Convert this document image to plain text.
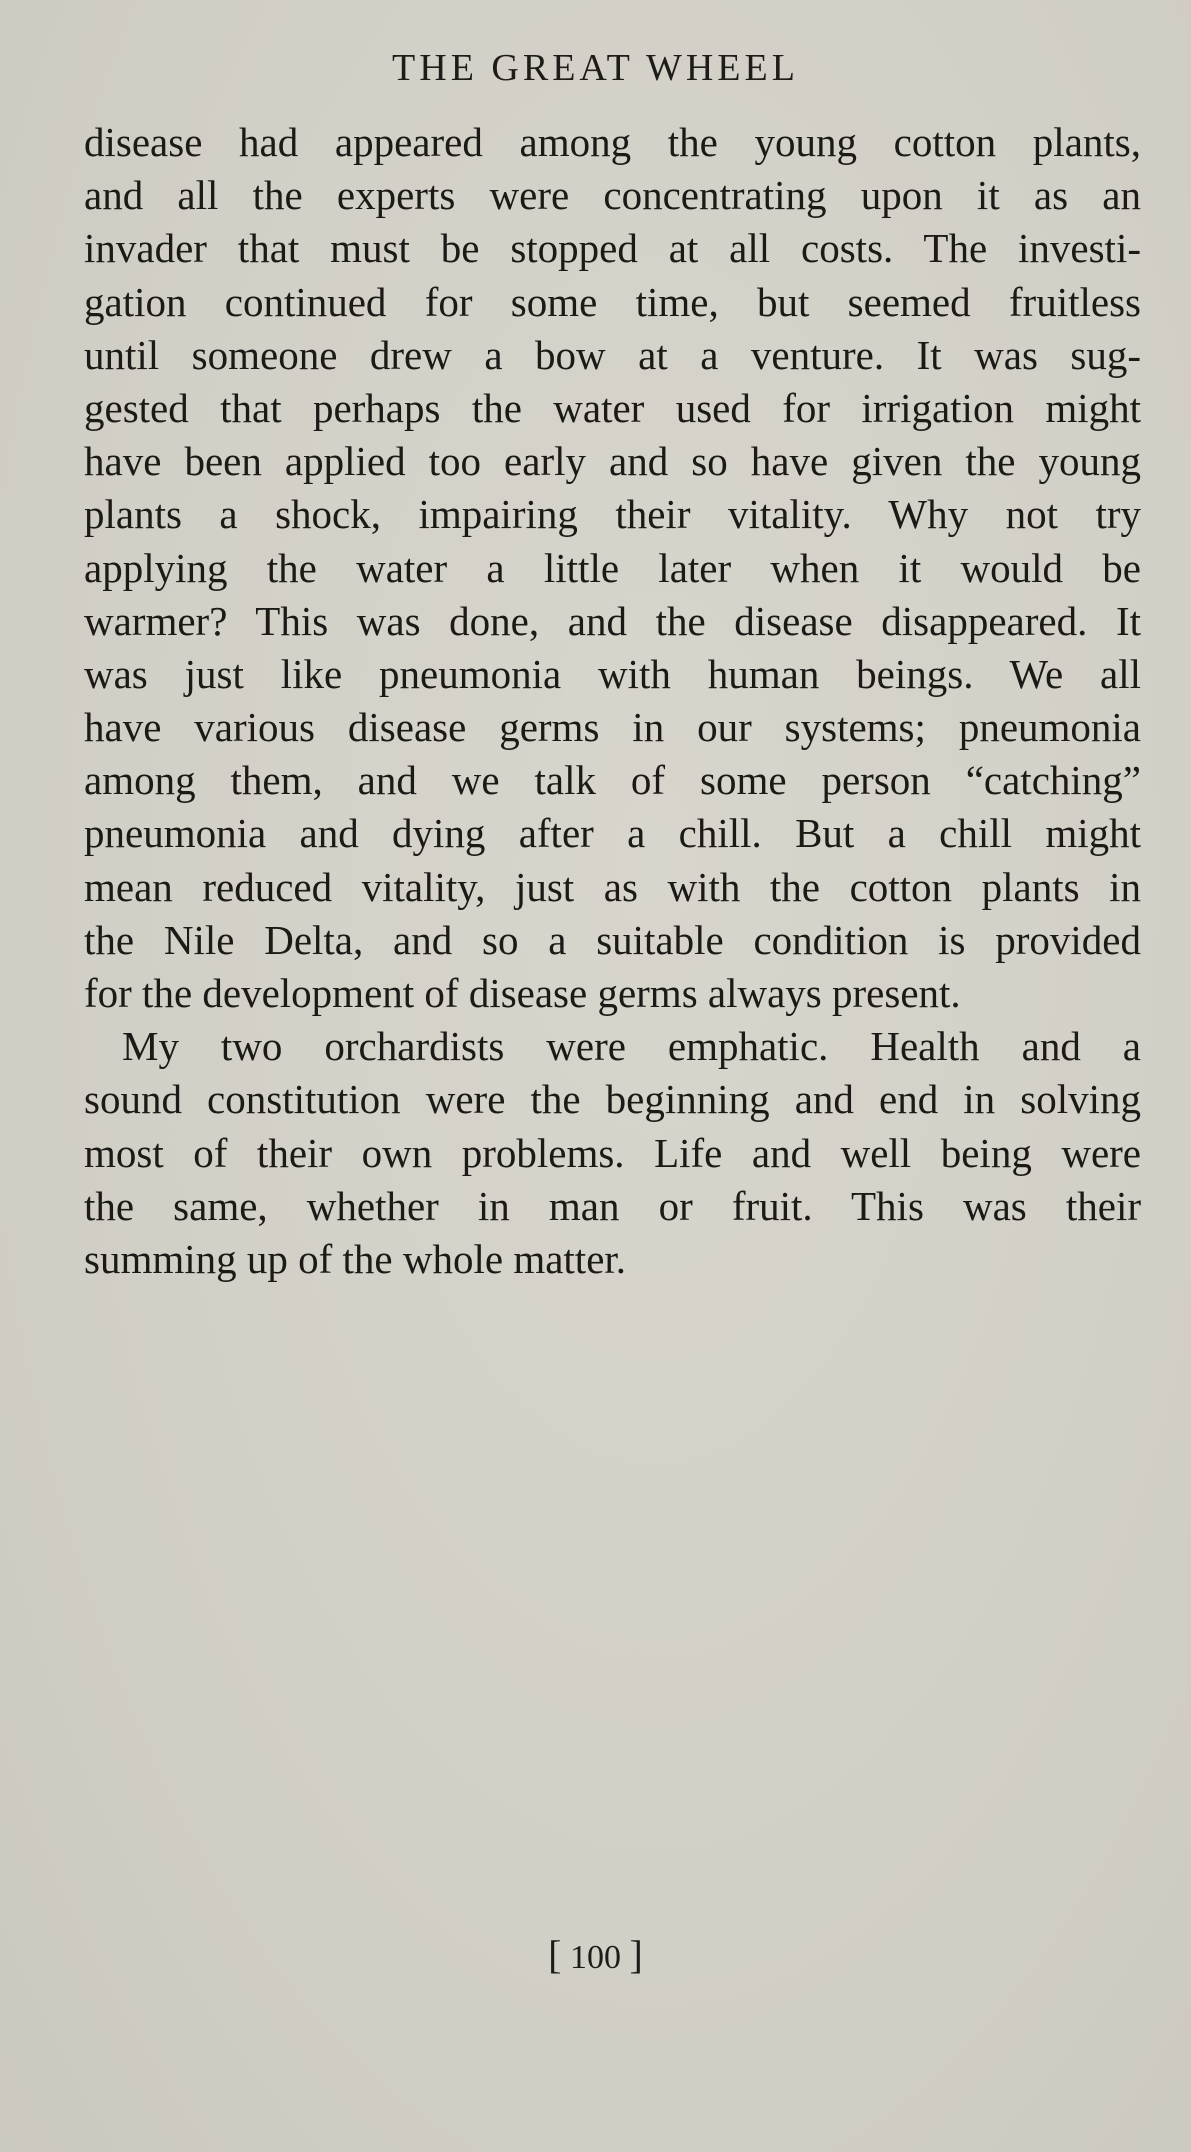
THE GREAT WHEEL
disease had appeared among the young cotton plants,
and all the experts were concentrating upon it as an
invader that must be stopped at all costs. The investi-
gation continued for some time, but seemed fruitless
until someone drew a bow at a venture. It was sug-
gested that perhaps the water used for irrigation might
have been applied too early and so have given the young
plants a shock, impairing their vitality. Why not try
applying the water a little later when it would be
warmer? This was done, and the disease disappeared. It
was just like pneumonia with human beings. We all
have various disease germs in our systems; pneumonia
among them, and we talk of some person “catching”
pneumonia and dying after a chill. But a chill might
mean reduced vitality, just as with the cotton plants in
the Nile Delta, and so a suitable condition is provided
for the development of disease germs always present.
My two orchardists were emphatic. Health and a
sound constitution were the beginning and end in solving
most of their own problems. Life and well being were
the same, whether in man or fruit. This was their
summing up of the whole matter.
[ 100 ]
